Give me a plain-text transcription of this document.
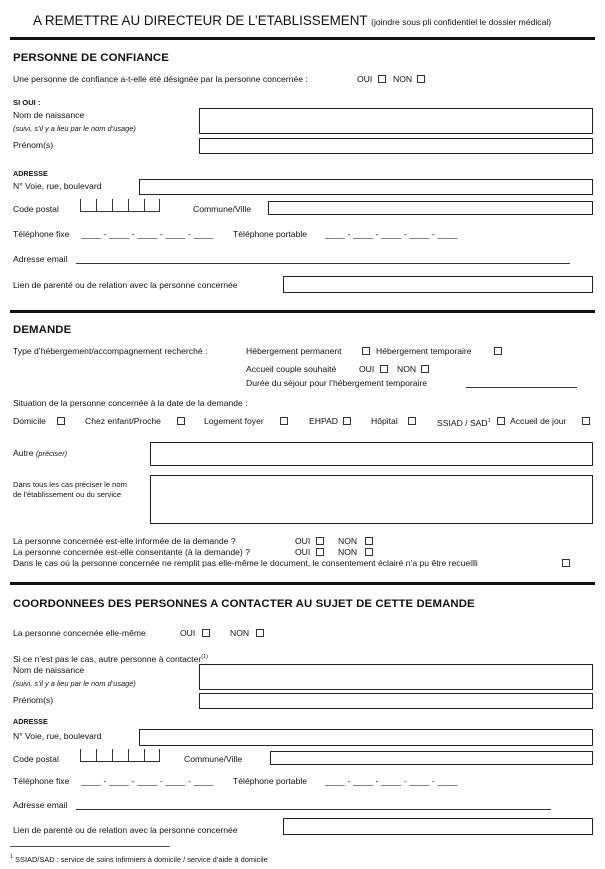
A REMETTRE AU DIRECTEUR DE L’ETABLISSEMENT (joindre sous pli confidentiel le dossier médical)
PERSONNE DE CONFIANCE
Une personne de confiance a-t-elle été désignée par la personne concernée :	OUI NON
SI OUI :
Nom de naissance
(suivi, s’il y a lieu par le nom d’usage)
Prénom(s)
ADRESSE
N° Voie, rue, boulevard
Code postal	Commune/Ville
Téléphone fixe ____ - ____ - ____ - ____ - ____ Téléphone portable ____ - ____ - ____ - ____ - ____
Adresse email
Lien de parenté ou de relation avec la personne concernée
DEMANDE
Type d’hébergement/accompagnement recherché :	Hébergement permanent	Hébergement temporaire
Accueil couple souhaité	OUI	NON
Durée du séjour pour l’hébergement temporaire
Situation de la personne concernée à la date de la demande :
Domicile	Chez enfant/Proche	Logement foyer	EHPAD	Hôpital	SSIAD / SAD$^1$ Accueil de jour
Autre (préciser)
Dans tous les cas préciser le nom
de l’établissement ou du service
La personne concernée est-elle informée de la demande ?	OUI	NON
La personne concernée est-elle consentante (à la demande) ?	OUI	NON
Dans le cas où la personne concernée ne remplit pas elle-même le document, le consentement éclairé n’a pu être recueilli
COORDONNEES DES PERSONNES A CONTACTER AU SUJET DE CETTE DEMANDE
La personne concernée elle-même	OUI	NON
Si ce n’est pas le cas, autre personne à contacter$^{(1)}$
Nom de naissance
(suivi, s’il y a lieu par le nom d’usage)
Prénom(s)
ADRESSE
N° Voie, rue, boulevard
Code postal	Commune/Ville
Téléphone fixe ____ - ____ - ____ - ____ - ____ Téléphone portable ____ - ____ - ____ - ____ - ____
Adresse email
Lien de parenté ou de relation avec la personne concernée
$^1$ SSIAD/SAD : service de soins infirmiers à domicile / service d’aide à domicile
